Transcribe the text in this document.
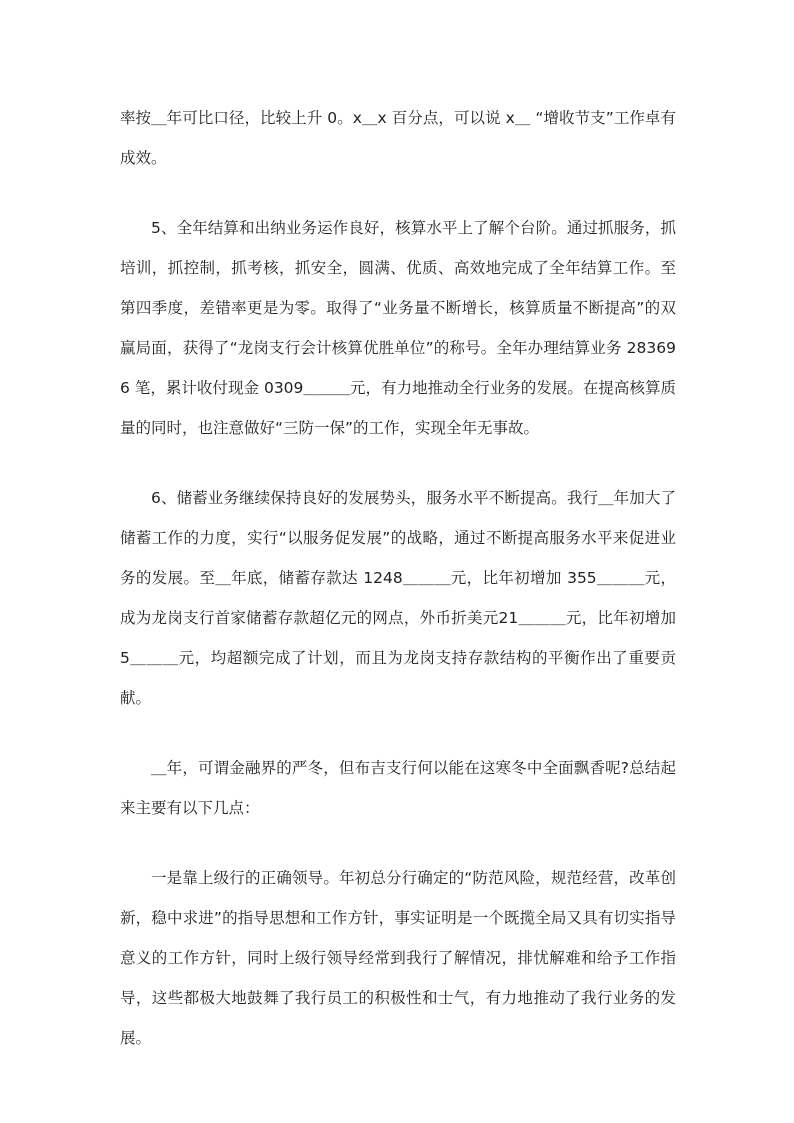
率按＿年可比口径，比较上升 0。x＿x 百分点，可以说 x＿ “增收节支”工作卓有成效。

5、全年结算和出纳业务运作良好，核算水平上了解个台阶。通过抓服务，抓培训，抓控制，抓考核，抓安全，圆满、优质、高效地完成了全年结算工作。至第四季度，差错率更是为零。取得了“业务量不断增长，核算质量不断提高”的双赢局面，获得了“龙岗支行会计核算优胜单位”的称号。全年办理结算业务 283696 笔，累计收付现金 0309＿＿＿元，有力地推动全行业务的发展。在提高核算质量的同时，也注意做好“三防一保”的工作，实现全年无事故。

6、储蓄业务继续保持良好的发展势头，服务水平不断提高。我行＿年加大了储蓄工作的力度，实行“以服务促发展”的战略，通过不断提高服务水平来促进业务的发展。至＿年底，储蓄存款达 1248＿＿＿元，比年初增加 355＿＿＿元，成为龙岗支行首家储蓄存款超亿元的网点，外币折美元21＿＿＿元，比年初增加5＿＿＿元，均超额完成了计划，而且为龙岗支持存款结构的平衡作出了重要贡献。

＿年，可谓金融界的严冬，但布吉支行何以能在这寒冬中全面飘香呢?总结起来主要有以下几点：

一是靠上级行的正确领导。年初总分行确定的“防范风险，规范经营，改革创新，稳中求进”的指导思想和工作方针，事实证明是一个既揽全局又具有切实指导意义的工作方针，同时上级行领导经常到我行了解情况，排忧解难和给予工作指导，这些都极大地鼓舞了我行员工的积极性和士气，有力地推动了我行业务的发展。
